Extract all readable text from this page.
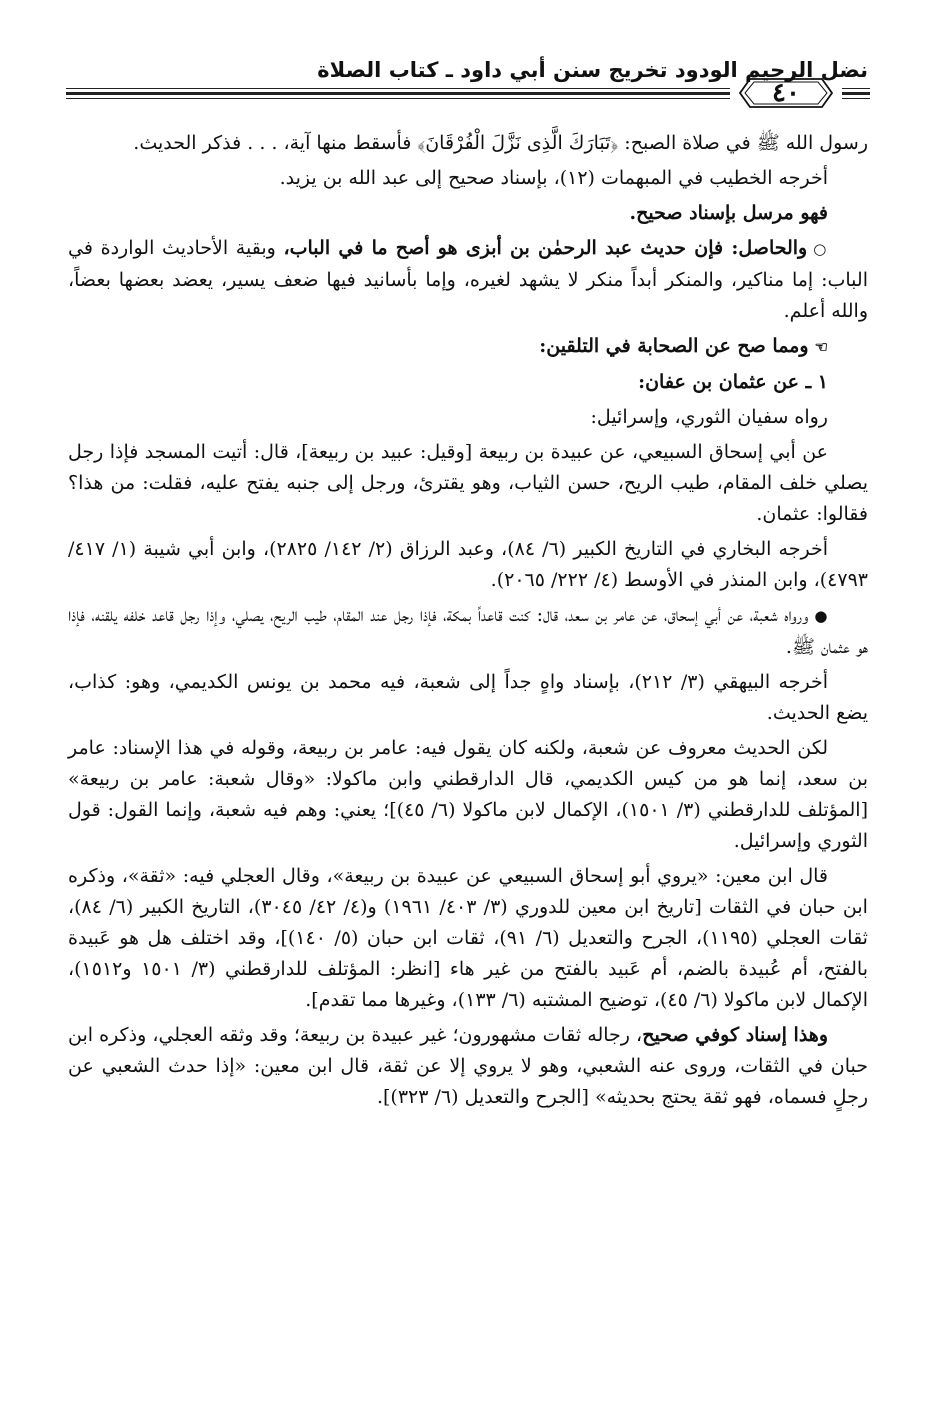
نضل الرحيم الودود تخريج سنن أبي داود ـ كتاب الصلاة
٤٠

رسول الله ﷺ في صلاة الصبح: ﴿تَبَارَكَ الَّذِى نَزَّلَ الْفُرْقَانَ﴾ فأسقط منها آية، . . . فذكر الحديث.

أخرجه الخطيب في المبهمات (١٢)، بإسناد صحيح إلى عبد الله بن يزيد.

فهو مرسل بإسناد صحيح.

○والحاصل: فإن حديث عبد الرحمٰن بن أبزى هو أصح ما في الباب، وبقية الأحاديث الواردة في الباب: إما مناكير، والمنكر أبداً منكر لا يشهد لغيره، وإما بأسانيد فيها ضعف يسير، يعضد بعضها بعضاً، والله أعلم.

☜ومما صح عن الصحابة في التلقين:

١ ـ عن عثمان بن عفان:

رواه سفيان الثوري، وإسرائيل:

عن أبي إسحاق السبيعي، عن عبيدة بن ربيعة [وقيل: عبيد بن ربيعة]، قال: أتيت المسجد فإذا رجل يصلي خلف المقام، طيب الريح، حسن الثياب، وهو يقترئ، ورجل إلى جنبه يفتح عليه، فقلت: من هذا؟ فقالوا: عثمان.

أخرجه البخاري في التاريخ الكبير (٦/ ٨٤)، وعبد الرزاق (٢/ ١٤٢/ ٢٨٢٥)، وابن أبي شيبة (١/ ٤١٧/ ٤٧٩٣)، وابن المنذر في الأوسط (٤/ ٢٢٢/ ٢٠٦٥).

●ورواه شعبة، عن أبي إسحاق، عن عامر بن سعد، قال: كنت قاعداً بمكة، فإذا رجل عند المقام، طيب الريح، يصلي، وإذا رجل قاعد خلفه يلقنه، فإذا هو عثمان ﷺ.

أخرجه البيهقي (٣/ ٢١٢)، بإسناد واهٍ جداً إلى شعبة، فيه محمد بن يونس الكديمي، وهو: كذاب، يضع الحديث.

لكن الحديث معروف عن شعبة، ولكنه كان يقول فيه: عامر بن ربيعة، وقوله في هذا الإسناد: عامر بن سعد، إنما هو من كيس الكديمي، قال الدارقطني وابن ماكولا: «وقال شعبة: عامر بن ربيعة» [المؤتلف للدارقطني (٣/ ١٥٠١)، الإكمال لابن ماكولا (٦/ ٤٥)]؛ يعني: وهم فيه شعبة، وإنما القول: قول الثوري وإسرائيل.

قال ابن معين: «يروي أبو إسحاق السبيعي عن عبيدة بن ربيعة»، وقال العجلي فيه: «ثقة»، وذكره ابن حبان في الثقات [تاريخ ابن معين للدوري (٣/ ٤٠٣/ ١٩٦١) و(٤/ ٤٢/ ٣٠٤٥)، التاريخ الكبير (٦/ ٨٤)، ثقات العجلي (١١٩٥)، الجرح والتعديل (٦/ ٩١)، ثقات ابن حبان (٥/ ١٤٠)]، وقد اختلف هل هو عَبيدة بالفتح، أم عُبيدة بالضم، أم عَبيد بالفتح من غير هاء [انظر: المؤتلف للدارقطني (٣/ ١٥٠١ و١٥١٢)، الإكمال لابن ماكولا (٦/ ٤٥)، توضيح المشتبه (٦/ ١٣٣)، وغيرها مما تقدم].

وهذا إسناد كوفي صحيح، رجاله ثقات مشهورون؛ غير عبيدة بن ربيعة؛ وقد وثقه العجلي، وذكره ابن حبان في الثقات، وروى عنه الشعبي، وهو لا يروي إلا عن ثقة، قال ابن معين: «إذا حدث الشعبي عن رجلٍ فسماه، فهو ثقة يحتج بحديثه» [الجرح والتعديل (٦/ ٣٢٣)].
